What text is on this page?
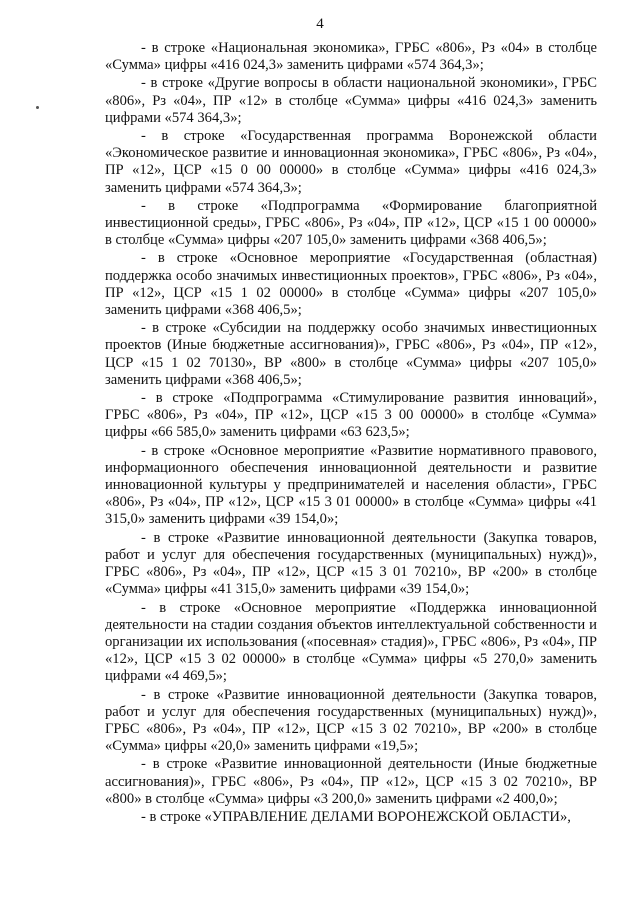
4

- в строке «Национальная экономика», ГРБС «806», Рз «04» в столбце «Сумма» цифры «416 024,3» заменить цифрами «574 364,3»;

- в строке «Другие вопросы в области национальной экономики», ГРБС «806», Рз «04», ПР «12» в столбце «Сумма» цифры «416 024,3» заменить цифрами «574 364,3»;

- в строке «Государственная программа Воронежской области «Экономическое развитие и инновационная экономика», ГРБС «806», Рз «04», ПР «12», ЦСР «15 0 00 00000» в столбце «Сумма» цифры «416 024,3» заменить цифрами «574 364,3»;

- в строке «Подпрограмма «Формирование благоприятной инвестиционной среды», ГРБС «806», Рз «04», ПР «12», ЦСР «15 1 00 00000» в столбце «Сумма» цифры «207 105,0» заменить цифрами «368 406,5»;

- в строке «Основное мероприятие «Государственная (областная) поддержка особо значимых инвестиционных проектов», ГРБС «806», Рз «04», ПР «12», ЦСР «15 1 02 00000» в столбце «Сумма» цифры «207 105,0» заменить цифрами «368 406,5»;

- в строке «Субсидии на поддержку особо значимых инвестиционных проектов (Иные бюджетные ассигнования)», ГРБС «806», Рз «04», ПР «12», ЦСР «15 1 02 70130», ВР «800» в столбце «Сумма» цифры «207 105,0» заменить цифрами «368 406,5»;

- в строке «Подпрограмма «Стимулирование развития инноваций», ГРБС «806», Рз «04», ПР «12», ЦСР «15 3 00 00000» в столбце «Сумма» цифры «66 585,0» заменить цифрами «63 623,5»;

- в строке «Основное мероприятие «Развитие нормативного правового, информационного обеспечения инновационной деятельности и развитие инновационной культуры у предпринимателей и населения области», ГРБС «806», Рз «04», ПР «12», ЦСР «15 3 01 00000» в столбце «Сумма» цифры «41 315,0» заменить цифрами «39 154,0»;

- в строке «Развитие инновационной деятельности (Закупка товаров, работ и услуг для обеспечения государственных (муниципальных) нужд)», ГРБС «806», Рз «04», ПР «12», ЦСР «15 3 01 70210», ВР «200» в столбце «Сумма» цифры «41 315,0» заменить цифрами «39 154,0»;

- в строке «Основное мероприятие «Поддержка инновационной деятельности на стадии создания объектов интеллектуальной собственности и организации их использования («посевная» стадия)», ГРБС «806», Рз «04», ПР «12», ЦСР «15 3 02 00000» в столбце «Сумма» цифры «5 270,0» заменить цифрами «4 469,5»;

- в строке «Развитие инновационной деятельности (Закупка товаров, работ и услуг для обеспечения государственных (муниципальных) нужд)», ГРБС «806», Рз «04», ПР «12», ЦСР «15 3 02 70210», ВР «200» в столбце «Сумма» цифры «20,0» заменить цифрами «19,5»;

- в строке «Развитие инновационной деятельности (Иные бюджетные ассигнования)», ГРБС «806», Рз «04», ПР «12», ЦСР «15 3 02 70210», ВР «800» в столбце «Сумма» цифры «3 200,0» заменить цифрами «2 400,0»;

- в строке «УПРАВЛЕНИЕ ДЕЛАМИ ВОРОНЕЖСКОЙ ОБЛАСТИ»,
